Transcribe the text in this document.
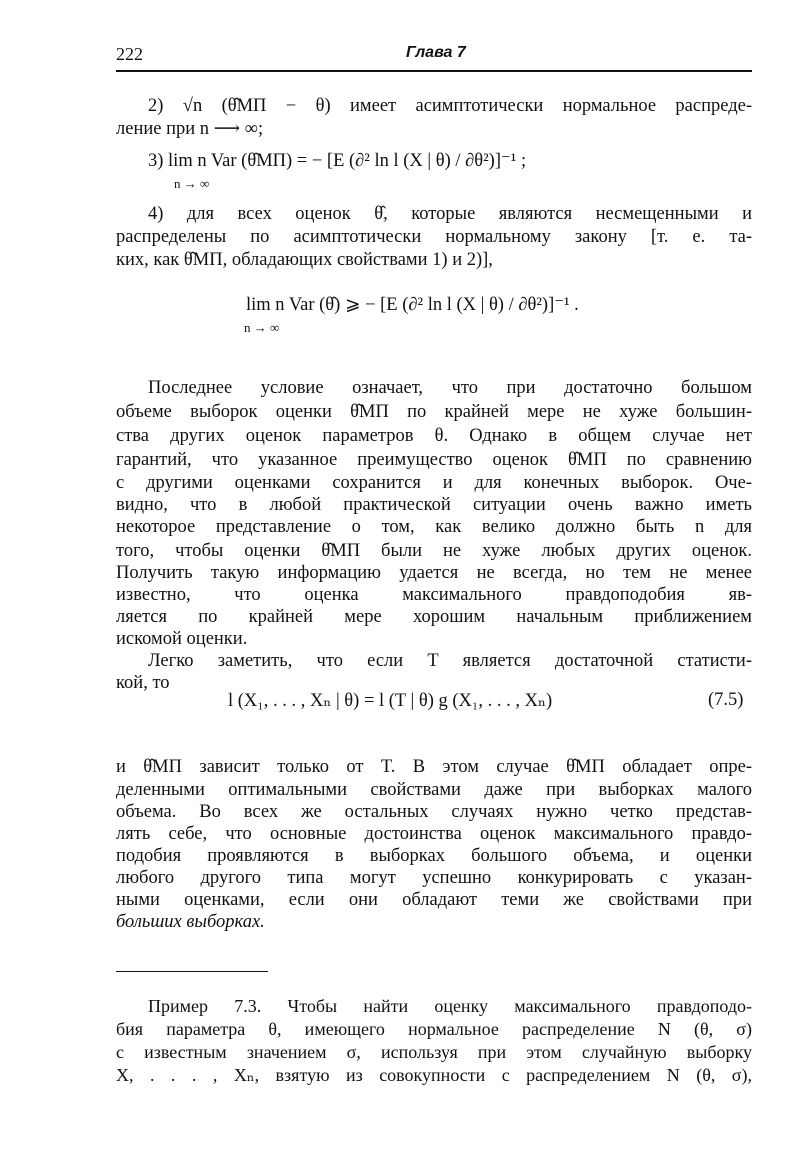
222	Глава 7
2) √n (θ̂МП − θ) имеет асимптотически нормальное распреде-
ление при n ⟶ ∞;
3) lim n Var (θ̂МП) = − [E (∂² ln l (X | θ) / ∂θ²)]⁻¹ ;
n → ∞
4) для всех оценок θ̂, которые являются несмещенными и
распределены по асимптотически нормальному закону [т. е. та-
ких, как θ̂МП, обладающих свойствами 1) и 2)],
lim n Var (θ̂) ⩾ − [E (∂² ln l (X | θ) / ∂θ²)]⁻¹ .
n → ∞
Последнее условие означает, что при достаточно большом
объеме выборок оценки θ̂МП по крайней мере не хуже большин-
ства других оценок параметров θ. Однако в общем случае нет
гарантий, что указанное преимущество оценок θ̂МП по сравнению
с другими оценками сохранится и для конечных выборок. Оче-
видно, что в любой практической ситуации очень важно иметь
некоторое представление о том, как велико должно быть n для
того, чтобы оценки θ̂МП были не хуже любых других оценок.
Получить такую информацию удается не всегда, но тем не менее
известно, что оценка максимального правдоподобия яв-
ляется по крайней мере хорошим начальным приближением
искомой оценки.
Легко заметить, что если T является достаточной статисти-
кой, то
l (X₁, . . . , Xₙ | θ) = l (T | θ) g (X₁, . . . , Xₙ)	(7.5)
и θ̂МП зависит только от T. В этом случае θ̂МП обладает опре-
деленными оптимальными свойствами даже при выборках малого
объема. Во всех же остальных случаях нужно четко представ-
лять себе, что основные достоинства оценок максимального правдо-
подобия проявляются в выборках большого объема, и оценки
любого другого типа могут успешно конкурировать с указан-
ными оценками, если они обладают теми же свойствами при
больших выборках.
Пример 7.3. Чтобы найти оценку максимального правдоподо-
бия параметра θ, имеющего нормальное распределение N (θ, σ)
с известным значением σ, используя при этом случайную выборку
X, . . . , Xₙ, взятую из совокупности с распределением N (θ, σ),
